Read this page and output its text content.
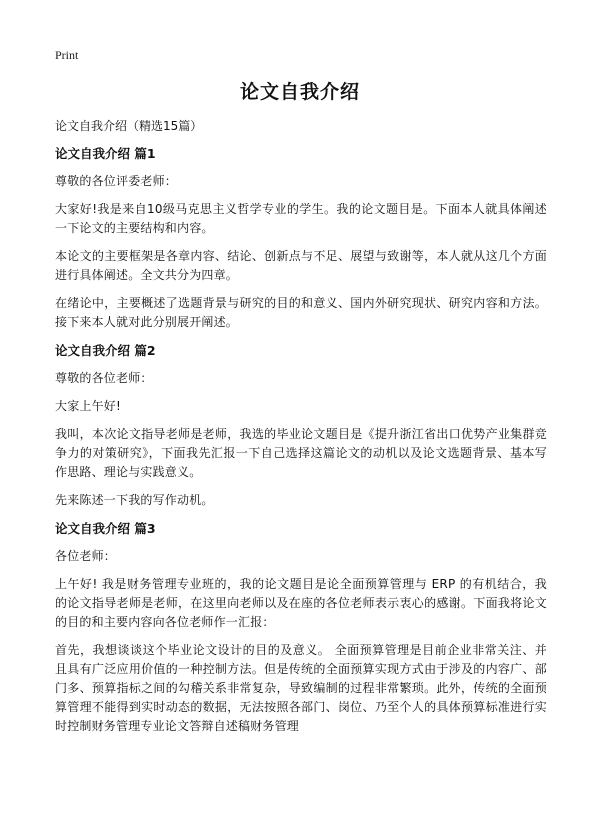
Print
论文自我介绍

论文自我介绍（精选15篇）

论文自我介绍 篇1

尊敬的各位评委老师：

大家好!我是来自10级马克思主义哲学专业的学生。我的论文题目是。下面本人就具体阐述一下论文的主要结构和内容。

本论文的主要框架是各章内容、结论、创新点与不足、展望与致谢等，本人就从这几个方面进行具体阐述。全文共分为四章。

在绪论中，主要概述了选题背景与研究的目的和意义、国内外研究现状、研究内容和方法。接下来本人就对此分别展开阐述。

论文自我介绍 篇2

尊敬的各位老师：

大家上午好!

我叫，本次论文指导老师是老师，我选的毕业论文题目是《提升浙江省出口优势产业集群竞争力的对策研究》，下面我先汇报一下自己选择这篇论文的动机以及论文选题背景、基本写作思路、理论与实践意义。

先来陈述一下我的写作动机。

论文自我介绍 篇3

各位老师：

上午好! 我是财务管理专业班的，我的论文题目是论全面预算管理与 ERP 的有机结合，我的论文指导老师是老师，在这里向老师以及在座的各位老师表示衷心的感谢。下面我将论文的目的和主要内容向各位老师作一汇报：

首先，我想谈谈这个毕业论文设计的目的及意义。 全面预算管理是目前企业非常关注、并且具有广泛应用价值的一种控制方法。但是传统的全面预算实现方式由于涉及的内容广、部门多、预算指标之间的勾稽关系非常复杂，导致编制的过程非常繁琐。此外，传统的全面预算管理不能得到实时动态的数据，无法按照各部门、岗位、乃至个人的具体预算标准进行实时控制财务管理专业论文答辩自述稿财务管理
